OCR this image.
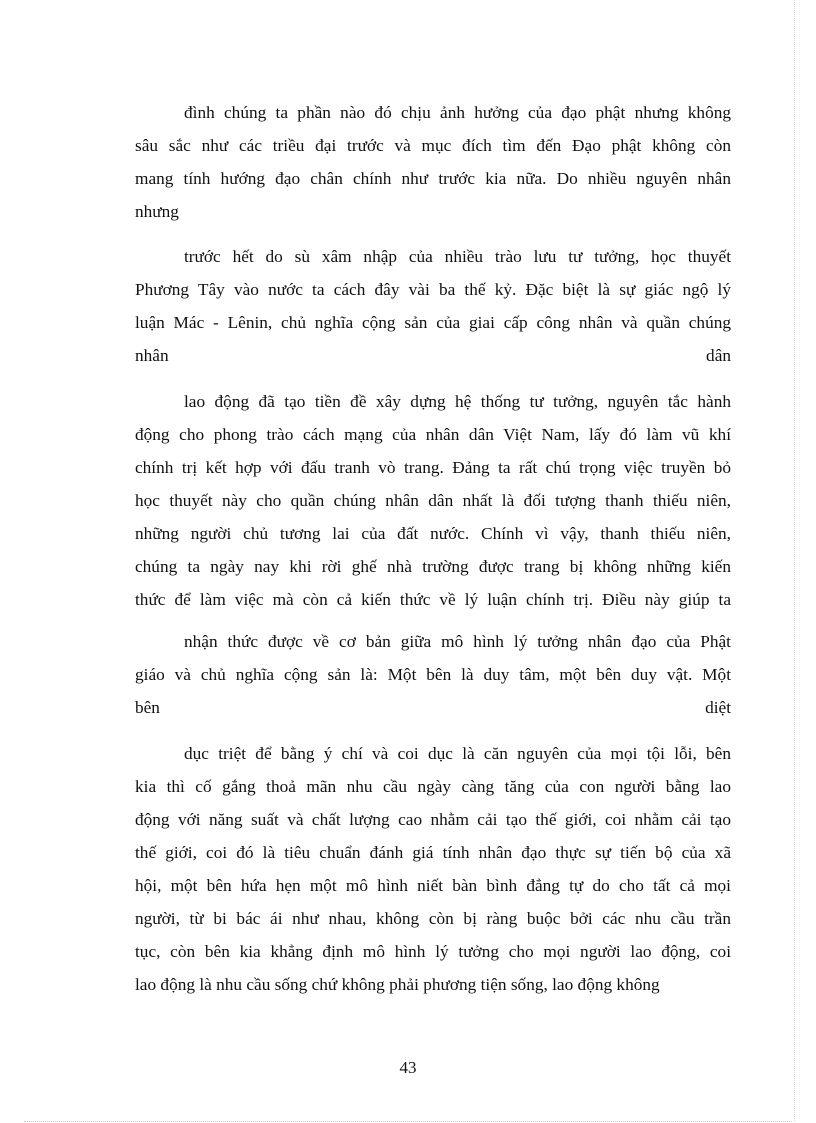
đình chúng ta phần nào đó chịu ảnh hưởng của đạo phật nhưng không
sâu sắc như các triều đại trước và mục đích tìm đến Đạo phật không còn
mang tính hướng đạo chân chính như trước kia nữa. Do nhiều nguyên nhân
nhưng
trước hết do sù xâm nhập của nhiều trào lưu tư tưởng, học thuyết
Phương Tây vào nước ta cách đây vài ba thế kỷ. Đặc biệt là sự giác ngộ lý
luận Mác - Lênin, chủ nghĩa cộng sản của giai cấp công nhân và quần chúng
nhân	dân
lao động đã tạo tiền đề xây dựng hệ thống tư tưởng, nguyên tắc hành
động cho phong trào cách mạng của nhân dân Việt Nam, lấy đó làm vũ khí
chính trị kết hợp với đấu tranh vò trang. Đảng ta rất chú trọng việc truyền bỏ
học thuyết này cho quần chúng nhân dân nhất là đối tượng thanh thiếu niên,
những người chủ tương lai của đất nước. Chính vì vậy, thanh thiếu niên,
chúng ta ngày nay khi rời ghế nhà trường được trang bị không những kiến
thức để làm việc mà còn cả kiến thức về lý luận chính trị. Điều này giúp ta
nhận thức được về cơ bản giữa mô hình lý tưởng nhân đạo của Phật
giáo và chủ nghĩa cộng sản là: Một bên là duy tâm, một bên duy vật. Một
bên	diệt
dục triệt để bằng ý chí và coi dục là căn nguyên của mọi tội lỗi, bên
kia thì cố gắng thoả mãn nhu cầu ngày càng tăng của con người bằng lao
động với năng suất và chất lượng cao nhằm cải tạo thế giới, coi nhằm cải tạo
thế giới, coi đó là tiêu chuẩn đánh giá tính nhân đạo thực sự tiến bộ của xã
hội, một bên hứa hẹn một mô hình niết bàn bình đẳng tự do cho tất cả mọi
người, từ bi bác ái như nhau, không còn bị ràng buộc bởi các nhu cầu trần
tục, còn bên kia khẳng định mô hình lý tưởng cho mọi người lao động, coi
lao động là nhu cầu sống chứ không phải phương tiện sống, lao động không
43
